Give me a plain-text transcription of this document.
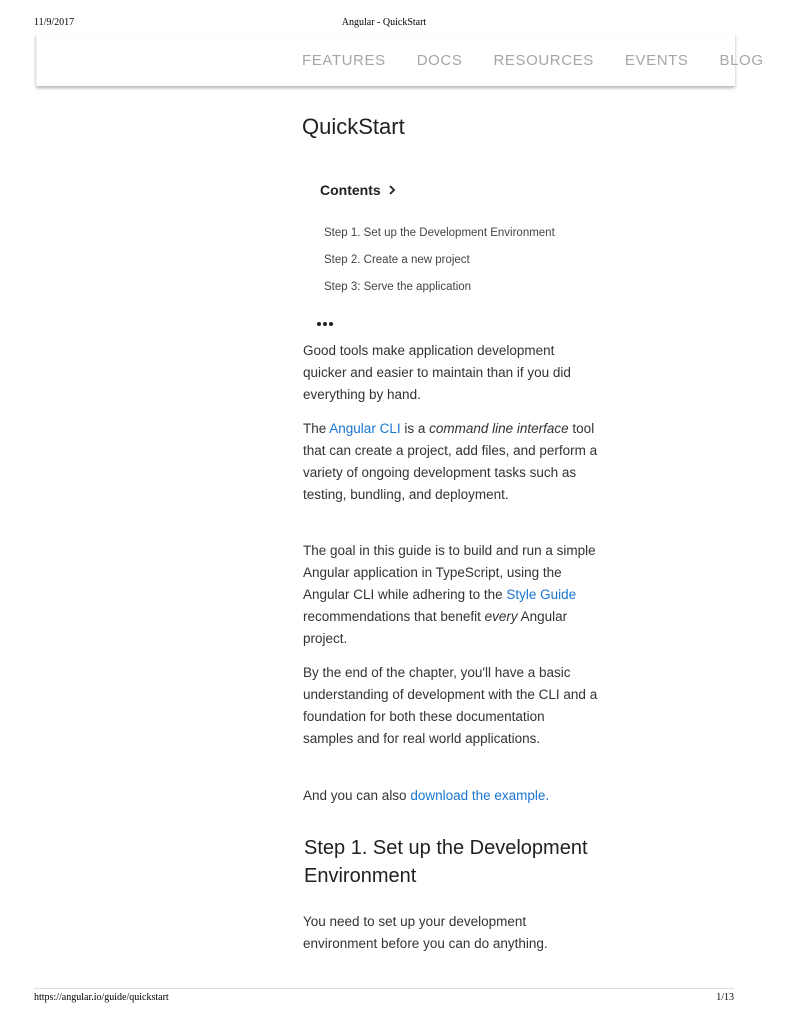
11/9/2017	Angular - QuickStart
FEATURES DOCS RESOURCES EVENTS BLOG
QuickStart
Contents
Step 1. Set up the Development Environment
Step 2. Create a new project
Step 3: Serve the application

Good tools make application development quicker and easier to maintain than if you did everything by hand.

The Angular CLI is a command line interface tool that can create a project, add files, and perform a variety of ongoing development tasks such as testing, bundling, and deployment.

The goal in this guide is to build and run a simple Angular application in TypeScript, using the Angular CLI while adhering to the Style Guide recommendations that benefit every Angular project.

By the end of the chapter, you'll have a basic understanding of development with the CLI and a foundation for both these documentation samples and for real world applications.

And you can also download the example.

Step 1. Set up the Development Environment

You need to set up your development environment before you can do anything.

https://angular.io/guide/quickstart	1/13
